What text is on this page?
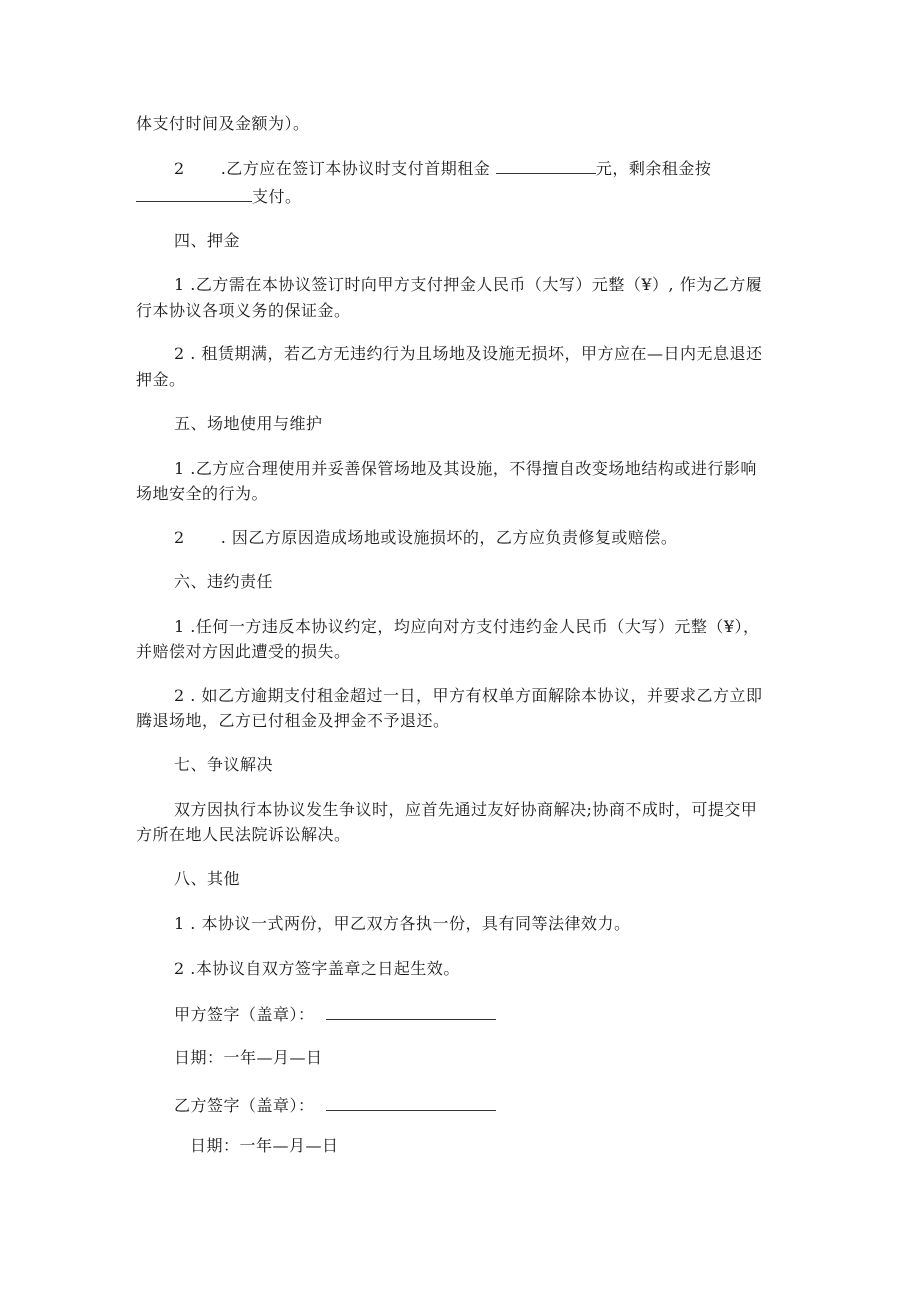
体支付时间及金额为）。
2 .乙方应在签订本协议时支付首期租金	元，剩余租金按
支付。
四、押金
1 .乙方需在本协议签订时向甲方支付押金人民币（大写）元整（¥）, 作为乙方履
行本协议各项义务的保证金。
2 . 租赁期满，若乙方无违约行为且场地及设施无损坏，甲方应在—日内无息退还
押金。
五、场地使用与维护
1 .乙方应合理使用并妥善保管场地及其设施，不得擅自改变场地结构或进行影响
场地安全的行为。
2 . 因乙方原因造成场地或设施损坏的，乙方应负责修复或赔偿。
六、违约责任
1 .任何一方违反本协议约定，均应向对方支付违约金人民币（大写）元整（¥），
并赔偿对方因此遭受的损失。
2 . 如乙方逾期支付租金超过一日，甲方有权单方面解除本协议，并要求乙方立即
腾退场地，乙方已付租金及押金不予退还。
七、争议解决
双方因执行本协议发生争议时，应首先通过友好协商解决;协商不成时，可提交甲
方所在地人民法院诉讼解决。
八、其他
1 . 本协议一式两份，甲乙双方各执一份，具有同等法律效力。
2 .本协议自双方签字盖章之日起生效。
甲方签字（盖章）：
日期：一年—月—日
乙方签字（盖章）：
日期：一年—月—日
